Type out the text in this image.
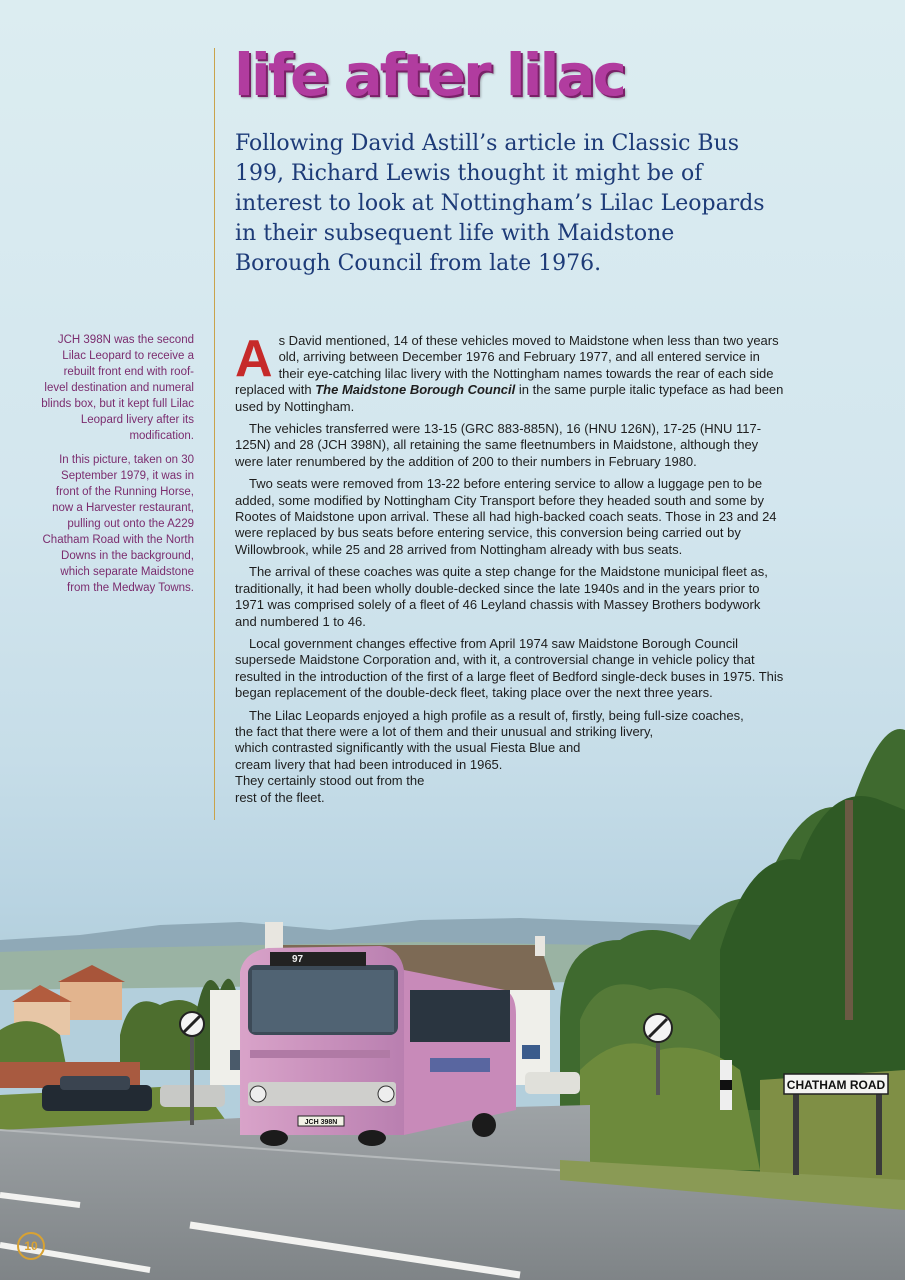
97
JCH 398N
CHATHAM ROAD
life after lilac

Following David Astill’s article in Classic Bus 199, Richard Lewis thought it might be of interest to look at Nottingham’s Lilac Leopards in their subsequent life with Maidstone Borough Council from late 1976.

JCH 398N was the second Lilac Leopard to receive a rebuilt front end with roof-level destination and numeral blinds box, but it kept full Lilac Leopard livery after its modification.

In this picture, taken on 30 September 1979, it was in front of the Running Horse, now a Harvester restaurant, pulling out onto the A229 Chatham Road with the North Downs in the background, which separate Maidstone from the Medway Towns.

As David mentioned, 14 of these vehicles moved to Maidstone when less than two years old, arriving between December 1976 and February 1977, and all entered service in their eye-catching lilac livery with the Nottingham names towards the rear of each side replaced with The Maidstone Borough Council in the same purple italic typeface as had been used by Nottingham.

The vehicles transferred were 13-15 (GRC 883-885N), 16 (HNU 126N), 17-25 (HNU 117-125N) and 28 (JCH 398N), all retaining the same fleetnumbers in Maidstone, although they were later renumbered by the addition of 200 to their numbers in February 1980.

Two seats were removed from 13-22 before entering service to allow a luggage pen to be added, some modified by Nottingham City Transport before they headed south and some by Rootes of Maidstone upon arrival. These all had high-backed coach seats. Those in 23 and 24 were replaced by bus seats before entering service, this conversion being carried out by Willowbrook, while 25 and 28 arrived from Nottingham already with bus seats.

The arrival of these coaches was quite a step change for the Maidstone municipal fleet as, traditionally, it had been wholly double-decked since the late 1940s and in the years prior to 1971 was comprised solely of a fleet of 46 Leyland chassis with Massey Brothers bodywork and numbered 1 to 46.

Local government changes effective from April 1974 saw Maidstone Borough Council supersede Maidstone Corporation and, with it, a controversial change in vehicle policy that resulted in the introduction of the first of a large fleet of Bedford single-deck buses in 1975. This began replacement of the double-deck fleet, taking place over the next three years.

The Lilac Leopards enjoyed a high profile as a result of, firstly, being full-size coaches, the fact that there were a lot of them and their unusual and striking livery,

which contrasted significantly with the usual Fiesta Blue and

cream livery that had been introduced in 1965.

They certainly stood out from the

rest of the fleet.

10
